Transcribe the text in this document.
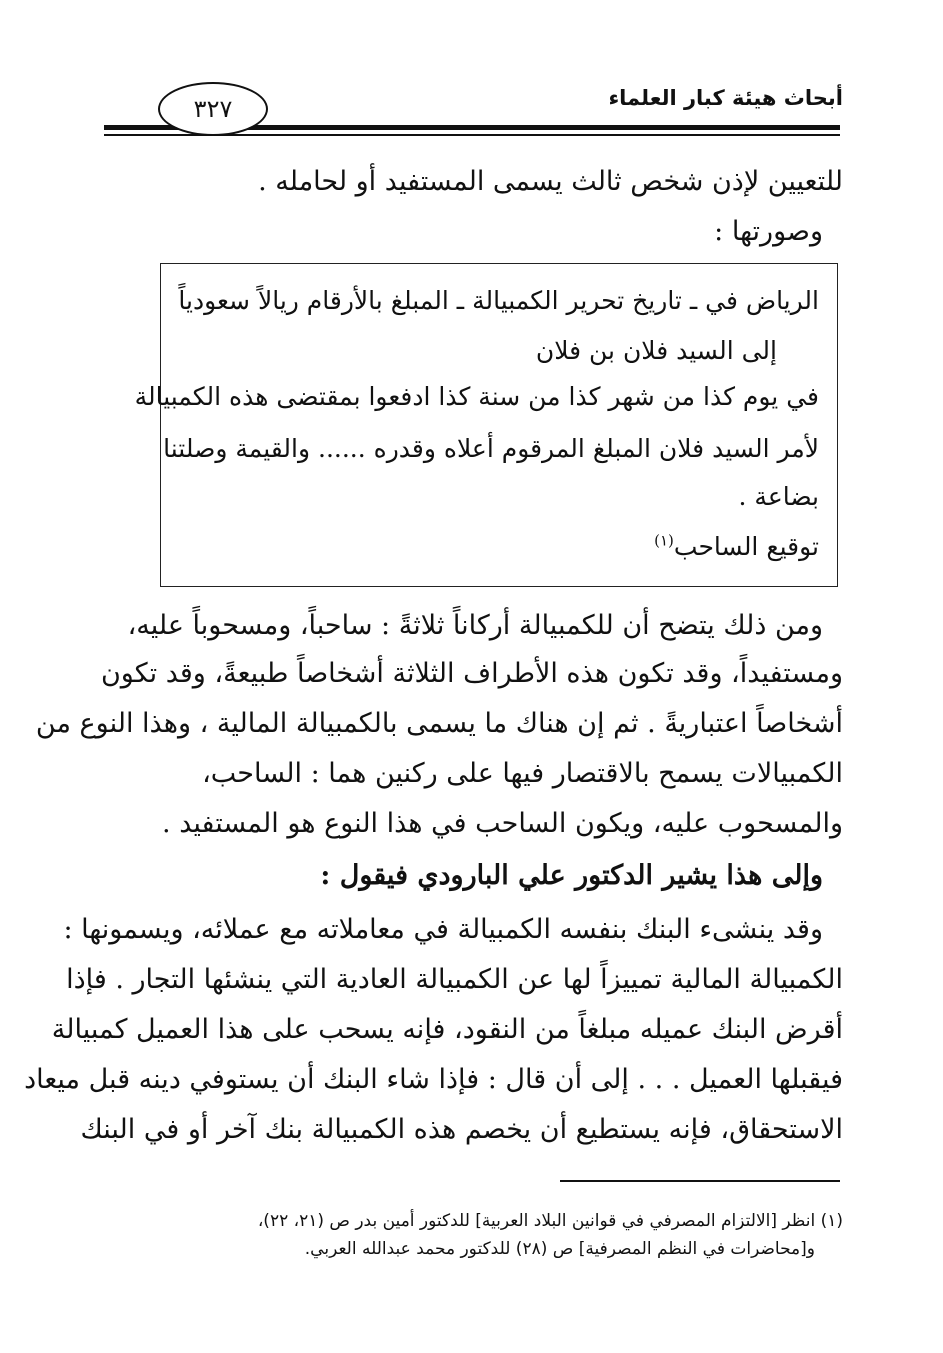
أبحاث هيئة كبار العلماء
٣٢٧
للتعيين لإذن شخص ثالث يسمى المستفيد أو لحامله .
وصورتها :
الرياض في ـ تاريخ تحرير الكمبيالة ـ المبلغ بالأرقام ريالاً سعودياً
إلى السيد فلان بن فلان
في يوم كذا من شهر كذا من سنة كذا ادفعوا بمقتضى هذه الكمبيالة
لأمر السيد فلان المبلغ المرقوم أعلاه وقدره ...... والقيمة وصلتنا
بضاعة .
توقيع الساحب$^{(١)}$
ومن ذلك يتضح أن للكمبيالة أركاناً ثلاثةً : ساحباً، ومسحوباً عليه،
ومستفيداً، وقد تكون هذه الأطراف الثلاثة أشخاصاً طبيعةً، وقد تكون
أشخاصاً اعتباريةً . ثم إن هناك ما يسمى بالكمبيالة المالية ، وهذا النوع من
الكمبيالات يسمح بالاقتصار فيها على ركنين هما : الساحب،
والمسحوب عليه، ويكون الساحب في هذا النوع هو المستفيد .
وإلى هذا يشير الدكتور علي البارودي فيقول :
وقد ينشىء البنك بنفسه الكمبيالة في معاملاته مع عملائه، ويسمونها :
الكمبيالة المالية تمييزاً لها عن الكمبيالة العادية التي ينشئها التجار . فإذا
أقرض البنك عميله مبلغاً من النقود، فإنه يسحب على هذا العميل كمبيالة
فيقبلها العميل . . . إلى أن قال : فإذا شاء البنك أن يستوفي دينه قبل ميعاد
الاستحقاق، فإنه يستطيع أن يخصم هذه الكمبيالة بنك آخر أو في البنك
(١) انظر [الالتزام المصرفي في قوانين البلاد العربية] للدكتور أمين بدر ص (٢١، ٢٢)،
و[محاضرات في النظم المصرفية] ص (٢٨) للدكتور محمد عبدالله العربي.
